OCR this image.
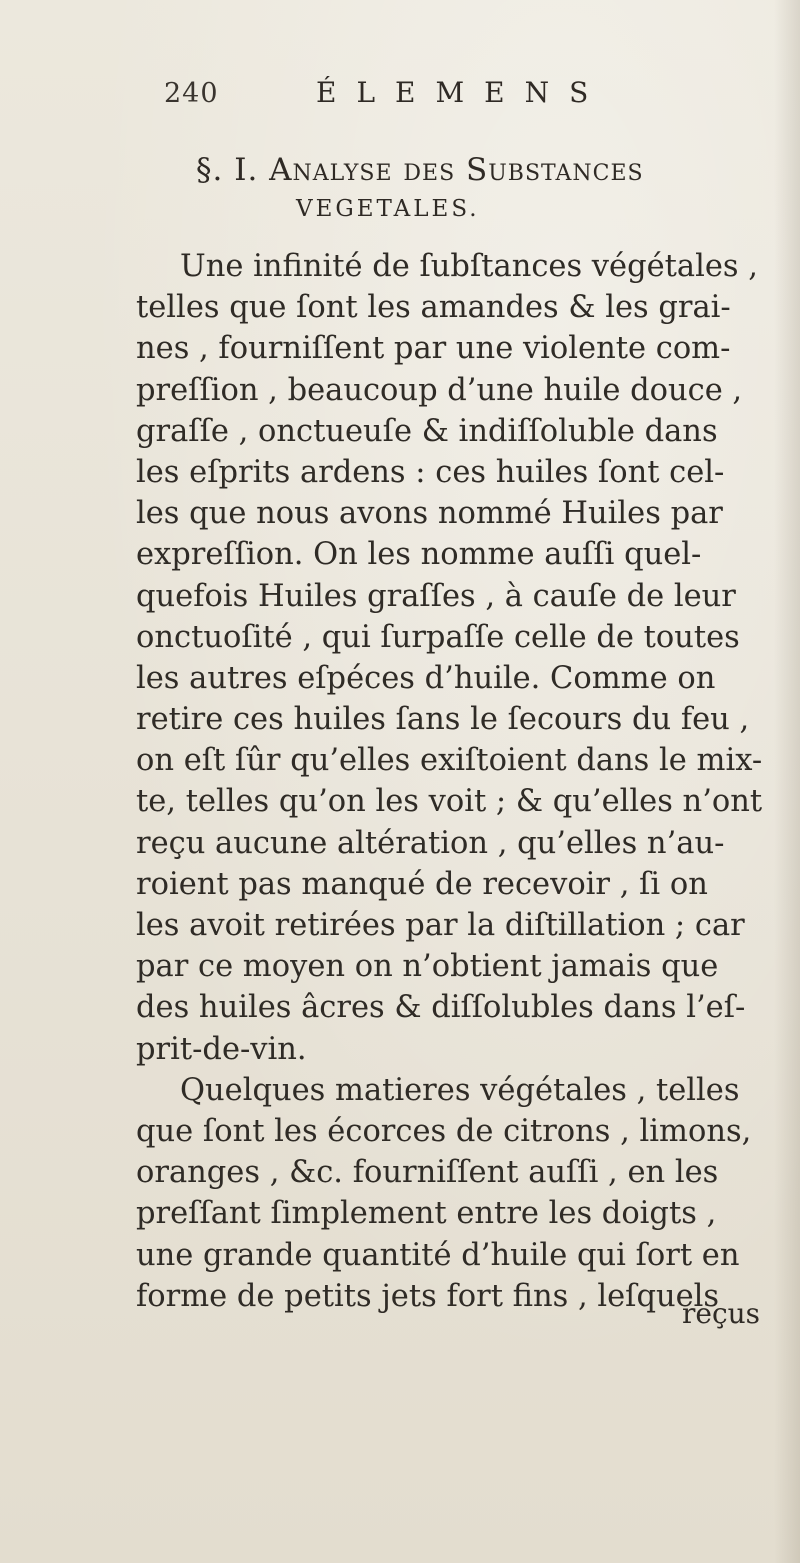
240	ÉLEMENS
§. I. Analyse des Substances
VEGETALES.
Une infinité de ſubſtances végétales ,
telles que ſont les amandes & les grai-
nes , fourniſſent par une violente com-
preſſion , beaucoup d’une huile douce ,
graſſe , onctueuſe & indiſſoluble dans
les eſprits ardens : ces huiles ſont cel-
les que nous avons nommé Huiles par
expreſſion. On les nomme auſſi quel-
quefois Huiles graſſes , à cauſe de leur
onctuoſité , qui ſurpaſſe celle de toutes
les autres eſpéces d’huile. Comme on
retire ces huiles ſans le ſecours du feu ,
on eſt ſûr qu’elles exiſtoient dans le mix-
te, telles qu’on les voit ; & qu’elles n’ont
reçu aucune altération , qu’elles n’au-
roient pas manqué de recevoir , ſi on
les avoit retirées par la diſtillation ; car
par ce moyen on n’obtient jamais que
des huiles âcres & diſſolubles dans l’eſ-
prit-de-vin.
Quelques matieres végétales , telles
que ſont les écorces de citrons , limons,
oranges , &c. fourniſſent auſſi , en les
preſſant ſimplement entre les doigts ,
une grande quantité d’huile qui ſort en
forme de petits jets fort fins , leſquels
reçus
